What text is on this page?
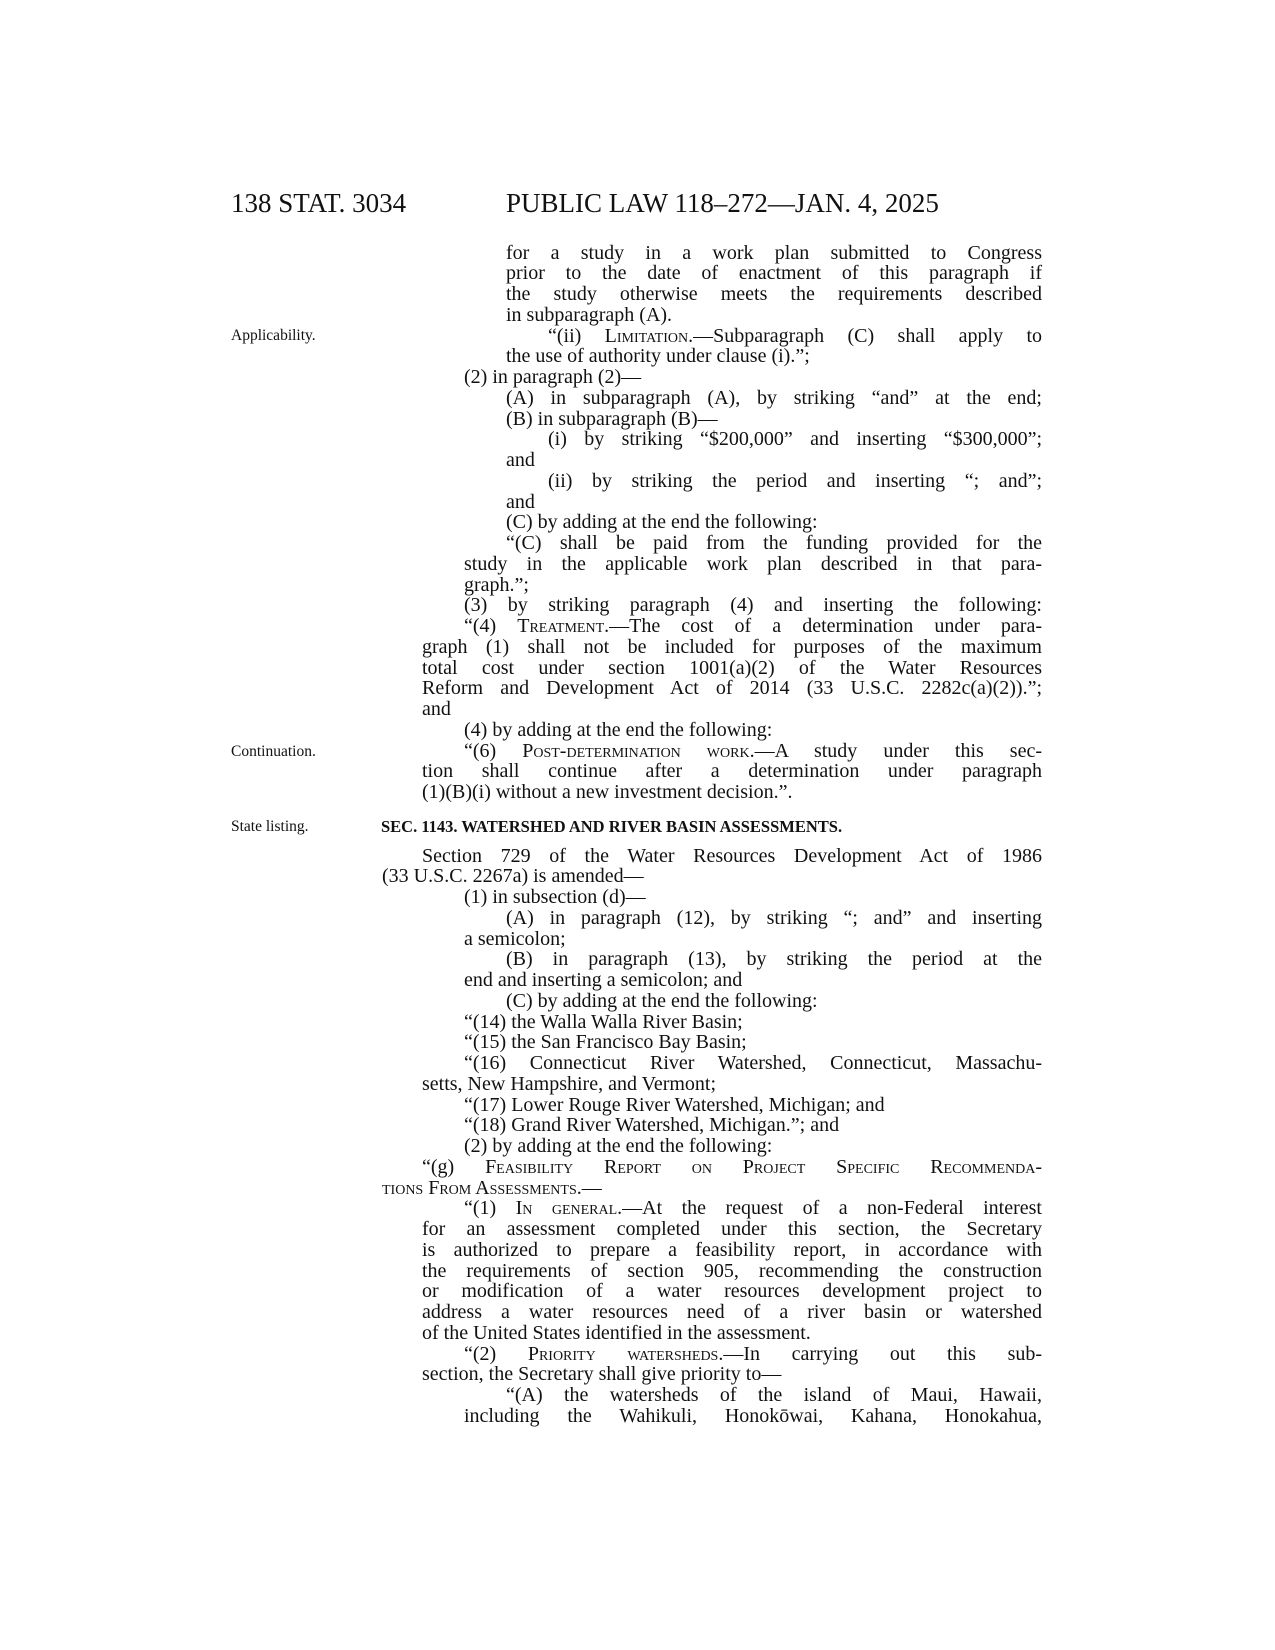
138 STAT. 3034	PUBLIC LAW 118–272—JAN. 4, 2025
Applicability.
Continuation.
State listing.	SEC. 1143. WATERSHED AND RIVER BASIN ASSESSMENTS.
for a study in a work plan submitted to Congress
prior to the date of enactment of this paragraph if
the study otherwise meets the requirements described
in subparagraph (A).
“(ii) Limitation.—Subparagraph (C) shall apply to
the use of authority under clause (i).”;
(2) in paragraph (2)—
(A) in subparagraph (A), by striking “and” at the end;
(B) in subparagraph (B)—
(i) by striking “$200,000” and inserting “$300,000”;
and
(ii) by striking the period and inserting “; and”;
and
(C) by adding at the end the following:
“(C) shall be paid from the funding provided for the
study in the applicable work plan described in that para-
graph.”;
(3) by striking paragraph (4) and inserting the following:
“(4) Treatment.—The cost of a determination under para-
graph (1) shall not be included for purposes of the maximum
total cost under section 1001(a)(2) of the Water Resources
Reform and Development Act of 2014 (33 U.S.C. 2282c(a)(2)).”;
and
(4) by adding at the end the following:
“(6) Post-determination work.—A study under this sec-
tion shall continue after a determination under paragraph
(1)(B)(i) without a new investment decision.”.
Section 729 of the Water Resources Development Act of 1986
(33 U.S.C. 2267a) is amended—
(1) in subsection (d)—
(A) in paragraph (12), by striking “; and” and inserting
a semicolon;
(B) in paragraph (13), by striking the period at the
end and inserting a semicolon; and
(C) by adding at the end the following:
“(14) the Walla Walla River Basin;
“(15) the San Francisco Bay Basin;
“(16) Connecticut River Watershed, Connecticut, Massachu-
setts, New Hampshire, and Vermont;
“(17) Lower Rouge River Watershed, Michigan; and
“(18) Grand River Watershed, Michigan.”; and
(2) by adding at the end the following:
“(g) Feasibility Report on Project Specific Recommenda-
tions From Assessments.—
“(1) In general.—At the request of a non-Federal interest
for an assessment completed under this section, the Secretary
is authorized to prepare a feasibility report, in accordance with
the requirements of section 905, recommending the construction
or modification of a water resources development project to
address a water resources need of a river basin or watershed
of the United States identified in the assessment.
“(2) Priority watersheds.—In carrying out this sub-
section, the Secretary shall give priority to—
“(A) the watersheds of the island of Maui, Hawaii,
including the Wahikuli, Honokōwai, Kahana, Honokahua,
